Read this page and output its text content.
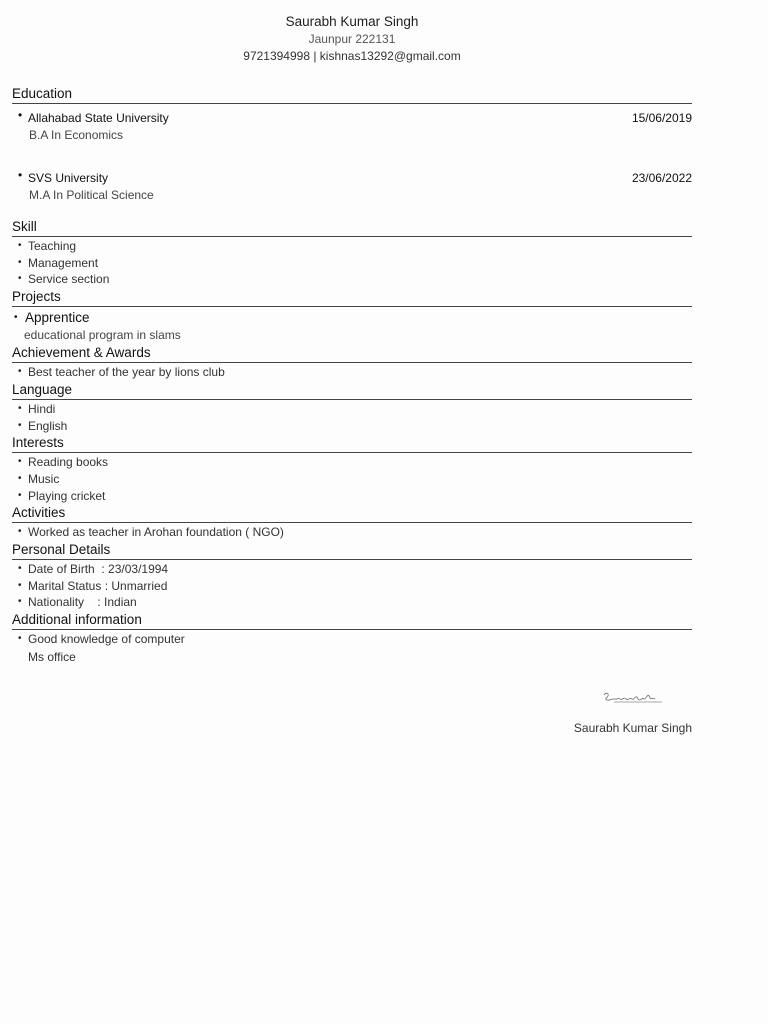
Saurabh Kumar Singh
Jaunpur 222131
9721394998 | kishnas13292@gmail.com
Education
• Allahabad State University	15/06/2019
B.A In Economics
• SVS University	23/06/2022
M.A In Political Science
Skill
• Teaching
• Management
• Service section
Projects
• Apprentice
educational program in slams
Achievement & Awards
• Best teacher of the year by lions club
Language
• Hindi
• English
Interests
• Reading books
• Music
• Playing cricket
Activities
• Worked as teacher in Arohan foundation ( NGO)
Personal Details
• Date of Birth  : 23/03/1994
• Marital Status : Unmarried
• Nationality    : Indian
Additional information
• Good knowledge of computer
Ms office
Saurabh Kumar Singh
